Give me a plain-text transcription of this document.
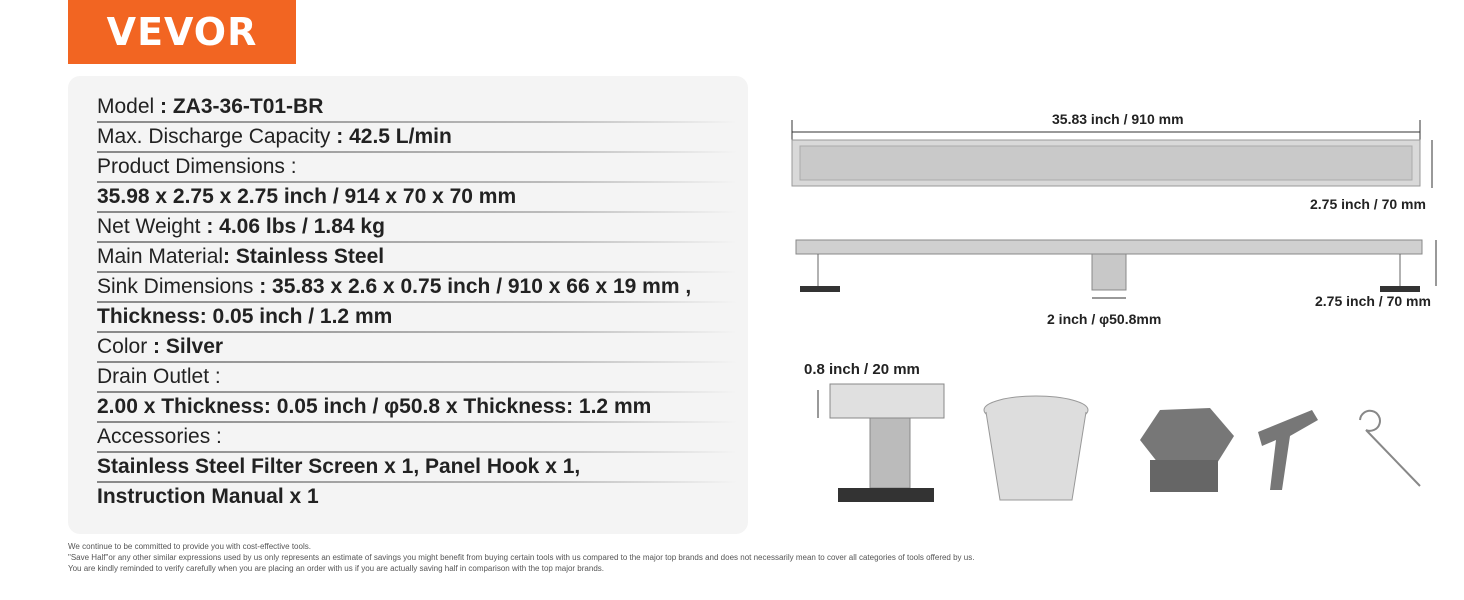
VEVOR
Model : ZA3-36-T01-BR
Max. Discharge Capacity : 42.5 L/min
Product Dimensions :
35.98 x 2.75 x 2.75 inch / 914 x 70 x 70 mm
Net Weight : 4.06 lbs / 1.84 kg
Main Material: Stainless Steel
Sink Dimensions : 35.83 x 2.6 x 0.75 inch / 910 x 66 x 19 mm ,
Thickness: 0.05 inch / 1.2 mm
Color : Silver
Drain Outlet :
2.00 x Thickness: 0.05 inch / φ50.8 x Thickness: 1.2 mm
Accessories :
Stainless Steel Filter Screen x 1, Panel Hook x 1,
Instruction Manual x 1
35.83 inch / 910 mm
2.75 inch / 70 mm
2.75 inch / 70 mm
2 inch / φ50.8mm
0.8 inch / 20 mm
We continue to be committed to provide you with cost-effective tools.
"Save Half"or any other similar expressions used by us only represents an estimate of savings you might benefit from buying certain tools with us compared to the major top brands and does not necessarily mean to cover all categories of tools offered by us.
You are kindly reminded to verify carefully when you are placing an order with us if you are actually saving half in comparison with the top major brands.
